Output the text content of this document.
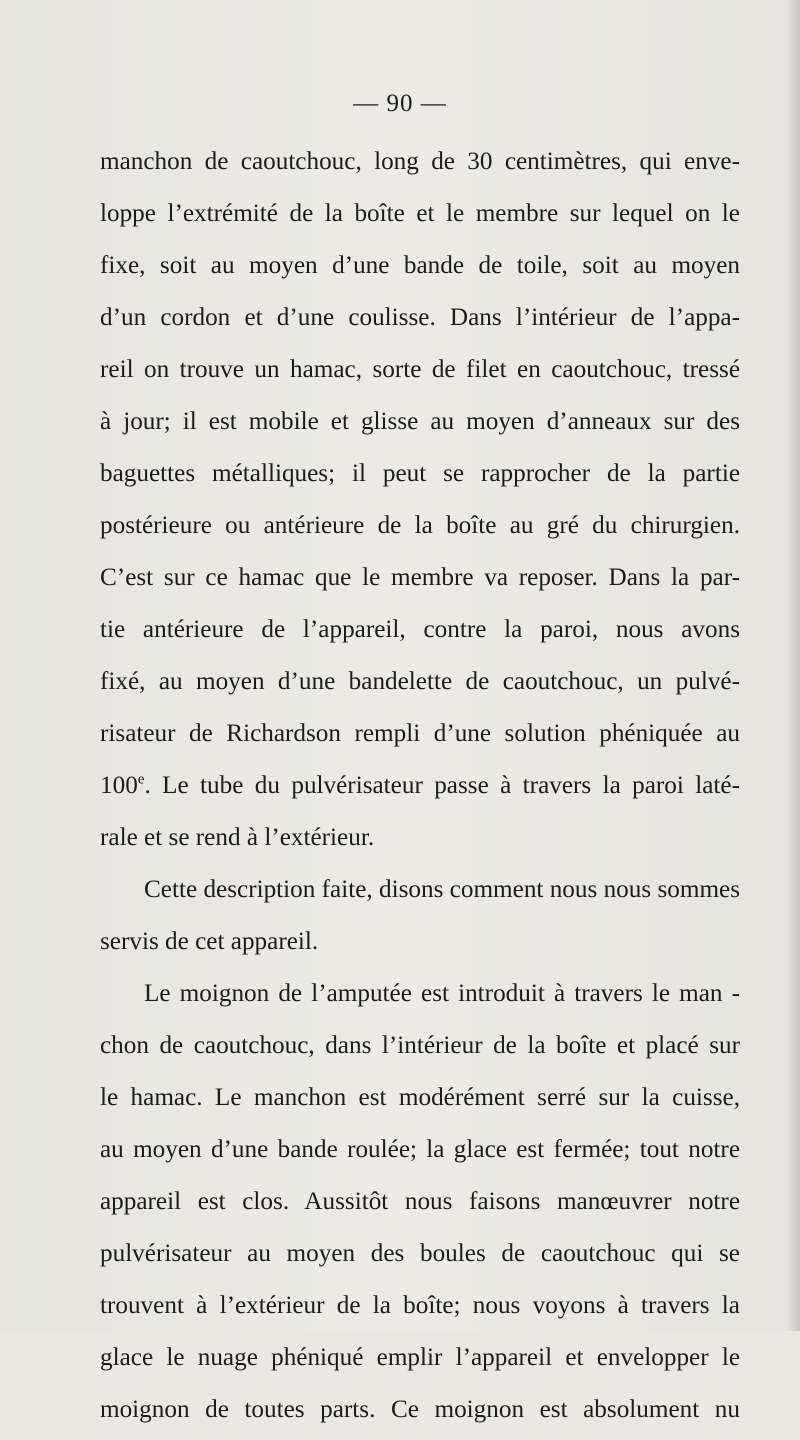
— 90 —
manchon de caoutchouc, long de 30 centimètres, qui enve-
loppe l’extrémité de la boîte et le membre sur lequel on le
fixe, soit au moyen d’une bande de toile, soit au moyen
d’un cordon et d’une coulisse. Dans l’intérieur de l’appa-
reil on trouve un hamac, sorte de filet en caoutchouc, tressé
à jour; il est mobile et glisse au moyen d’anneaux sur des
baguettes métalliques; il peut se rapprocher de la partie
postérieure ou antérieure de la boîte au gré du chirurgien.
C’est sur ce hamac que le membre va reposer. Dans la par-
tie antérieure de l’appareil, contre la paroi, nous avons
fixé, au moyen d’une bandelette de caoutchouc, un pulvé-
risateur de Richardson rempli d’une solution phéniquée au
100e. Le tube du pulvérisateur passe à travers la paroi laté-
rale et se rend à l’extérieur.
Cette description faite, disons comment nous nous sommes
servis de cet appareil.
Le moignon de l’amputée est introduit à travers le man -
chon de caoutchouc, dans l’intérieur de la boîte et placé sur
le hamac. Le manchon est modérément serré sur la cuisse,
au moyen d’une bande roulée; la glace est fermée; tout notre
appareil est clos. Aussitôt nous faisons manœuvrer notre
pulvérisateur au moyen des boules de caoutchouc qui se
trouvent à l’extérieur de la boîte; nous voyons à travers la
glace le nuage phéniqué emplir l’appareil et envelopper le
moignon de toutes parts. Ce moignon est absolument nu
